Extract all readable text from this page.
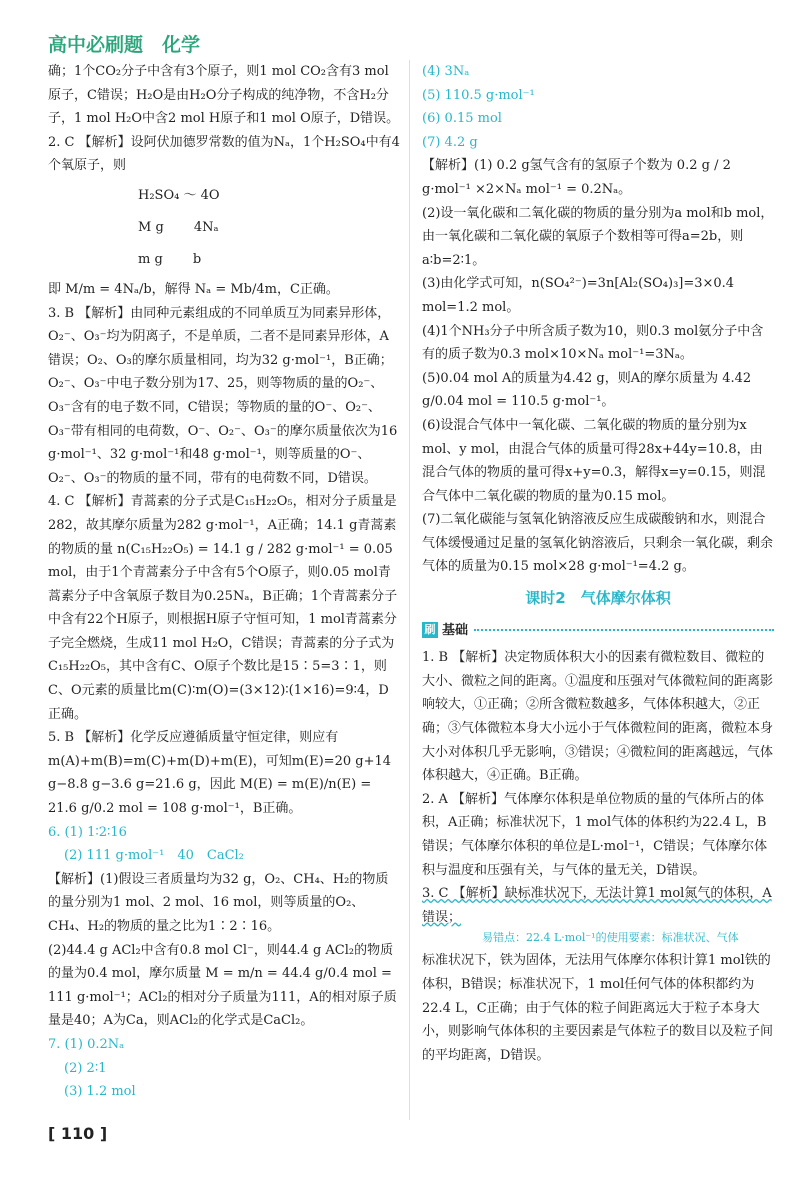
高中必刷题　化学

确；1个CO₂分子中含有3个原子，则1 mol CO₂含有3 mol原子，C错误；H₂O是由H₂O分子构成的纯净物，不含H₂分子，1 mol H₂O中含2 mol H原子和1 mol O原子，D错误。

2. C 【解析】设阿伏加德罗常数的值为Nₐ，1个H₂SO₄中有4个氧原子，则

H₂SO₄ ～ 4O

M g　　 4Nₐ

m g　　 b

即 M/m = 4Nₐ/b，解得 Nₐ = Mb/4m，C正确。

3. B 【解析】由同种元素组成的不同单质互为同素异形体，O₂⁻、O₃⁻均为阴离子，不是单质，二者不是同素异形体，A错误；O₂、O₃的摩尔质量相同，均为32 g·mol⁻¹，B正确；O₂⁻、O₃⁻中电子数分别为17、25，则等物质的量的O₂⁻、O₃⁻含有的电子数不同，C错误；等物质的量的O⁻、O₂⁻、O₃⁻带有相同的电荷数，O⁻、O₂⁻、O₃⁻的摩尔质量依次为16 g·mol⁻¹、32 g·mol⁻¹和48 g·mol⁻¹，则等质量的O⁻、O₂⁻、O₃⁻的物质的量不同，带有的电荷数不同，D错误。

4. C 【解析】青蒿素的分子式是C₁₅H₂₂O₅，相对分子质量是282，故其摩尔质量为282 g·mol⁻¹，A正确；14.1 g青蒿素的物质的量 n(C₁₅H₂₂O₅) = 14.1 g / 282 g·mol⁻¹ = 0.05 mol，由于1个青蒿素分子中含有5个O原子，则0.05 mol青蒿素分子中含氧原子数目为0.25Nₐ，B正确；1个青蒿素分子中含有22个H原子，则根据H原子守恒可知，1 mol青蒿素分子完全燃烧，生成11 mol H₂O，C错误；青蒿素的分子式为C₁₅H₂₂O₅，其中含有C、O原子个数比是15∶5=3∶1，则C、O元素的质量比m(C)∶m(O)=(3×12)∶(1×16)=9∶4，D正确。

5. B 【解析】化学反应遵循质量守恒定律，则应有m(A)+m(B)=m(C)+m(D)+m(E)，可知m(E)=20 g+14 g−8.8 g−3.6 g=21.6 g，因此 M(E) = m(E)/n(E) = 21.6 g/0.2 mol = 108 g·mol⁻¹，B正确。

6. (1) 1∶2∶16

(2) 111 g·mol⁻¹　40　CaCl₂

【解析】(1)假设三者质量均为32 g，O₂、CH₄、H₂的物质的量分别为1 mol、2 mol、16 mol，则等质量的O₂、CH₄、H₂的物质的量之比为1∶2∶16。

(2)44.4 g ACl₂中含有0.8 mol Cl⁻，则44.4 g ACl₂的物质的量为0.4 mol，摩尔质量 M = m/n = 44.4 g/0.4 mol = 111 g·mol⁻¹；ACl₂的相对分子质量为111，A的相对原子质量是40；A为Ca，则ACl₂的化学式是CaCl₂。

7. (1) 0.2Nₐ

(2) 2∶1

(3) 1.2 mol

(4) 3Nₐ

(5) 110.5 g·mol⁻¹

(6) 0.15 mol

(7) 4.2 g

【解析】(1) 0.2 g氢气含有的氢原子个数为 0.2 g / 2 g·mol⁻¹ ×2×Nₐ mol⁻¹ = 0.2Nₐ。

(2)设一氧化碳和二氧化碳的物质的量分别为a mol和b mol，由一氧化碳和二氧化碳的氧原子个数相等可得a=2b，则a∶b=2∶1。

(3)由化学式可知，n(SO₄²⁻)=3n[Al₂(SO₄)₃]=3×0.4 mol=1.2 mol。

(4)1个NH₃分子中所含质子数为10，则0.3 mol氨分子中含有的质子数为0.3 mol×10×Nₐ mol⁻¹=3Nₐ。

(5)0.04 mol A的质量为4.42 g，则A的摩尔质量为 4.42 g/0.04 mol = 110.5 g·mol⁻¹。

(6)设混合气体中一氧化碳、二氧化碳的物质的量分别为x mol、y mol，由混合气体的质量可得28x+44y=10.8，由混合气体的物质的量可得x+y=0.3，解得x=y=0.15，则混合气体中二氧化碳的物质的量为0.15 mol。

(7)二氧化碳能与氢氧化钠溶液反应生成碳酸钠和水，则混合气体缓慢通过足量的氢氧化钠溶液后，只剩余一氧化碳，剩余气体的质量为0.15 mol×28 g·mol⁻¹=4.2 g。

课时2　气体摩尔体积
刷 基础

1. B 【解析】决定物质体积大小的因素有微粒数目、微粒的大小、微粒之间的距离。①温度和压强对气体微粒间的距离影响较大，①正确；②所含微粒数越多，气体体积越大，②正确；③气体微粒本身大小远小于气体微粒间的距离，微粒本身大小对体积几乎无影响，③错误；④微粒间的距离越远，气体体积越大，④正确。B正确。

2. A 【解析】气体摩尔体积是单位物质的量的气体所占的体积，A正确；标准状况下，1 mol气体的体积约为22.4 L，B错误；气体摩尔体积的单位是L·mol⁻¹，C错误；气体摩尔体积与温度和压强有关，与气体的量无关，D错误。

3. C 【解析】缺标准状况下，无法计算1 mol氮气的体积，A错误；

易错点：22.4 L·mol⁻¹的使用要素：标准状况、气体

标准状况下，铁为固体，无法用气体摩尔体积计算1 mol铁的体积，B错误；标准状况下，1 mol任何气体的体积都约为22.4 L，C正确；由于气体的粒子间距离远大于粒子本身大小，则影响气体体积的主要因素是气体粒子的数目以及粒子间的平均距离，D错误。

[ 110 ]
